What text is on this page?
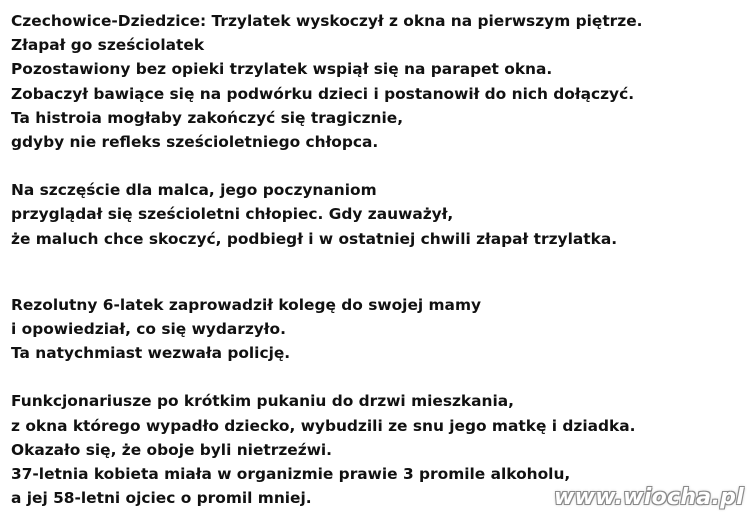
Czechowice-Dziedzice: Trzylatek wyskoczył z okna na pierwszym piętrze.
Złapał go sześciolatek
Pozostawiony bez opieki trzylatek wspiął się na parapet okna.
Zobaczył bawiące się na podwórku dzieci i postanowił do nich dołączyć.
Ta histroia mogłaby zakończyć się tragicznie,
gdyby nie refleks sześcioletniego chłopca.
Na szczęście dla malca, jego poczynaniom
przyglądał się sześcioletni chłopiec. Gdy zauważył,
że maluch chce skoczyć, podbiegł i w ostatniej chwili złapał trzylatka.
Rezolutny 6-latek zaprowadził kolegę do swojej mamy
i opowiedział, co się wydarzyło.
Ta natychmiast wezwała policję.
Funkcjonariusze po krótkim pukaniu do drzwi mieszkania,
z okna którego wypadło dziecko, wybudzili ze snu jego matkę i dziadka.
Okazało się, że oboje byli nietrzeźwi.
37-letnia kobieta miała w organizmie prawie 3 promile alkoholu,
a jej 58-letni ojciec o promil mniej.	www.wiocha.pl
